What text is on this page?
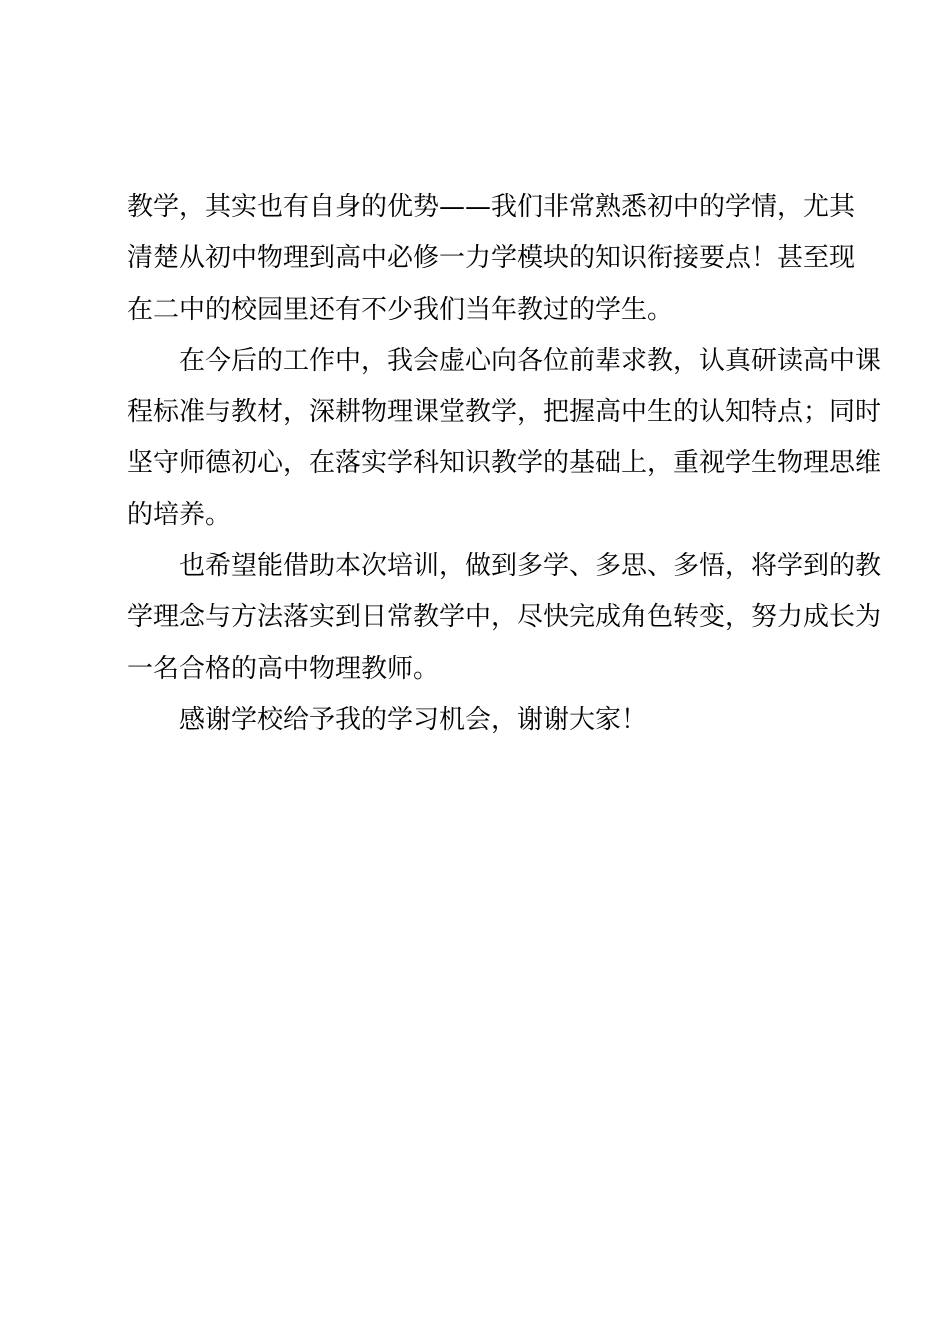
教学，其实也有自身的优势——我们非常熟悉初中的学情，尤其
清楚从初中物理到高中必修一力学模块的知识衔接要点！甚至现
在二中的校园里还有不少我们当年教过的学生。
在今后的工作中，我会虚心向各位前辈求教，认真研读高中课
程标准与教材，深耕物理课堂教学，把握高中生的认知特点；同时
坚守师德初心，在落实学科知识教学的基础上，重视学生物理思维
的培养。
也希望能借助本次培训，做到多学、多思、多悟，将学到的教
学理念与方法落实到日常教学中，尽快完成角色转变，努力成长为
一名合格的高中物理教师。
感谢学校给予我的学习机会，谢谢大家！
